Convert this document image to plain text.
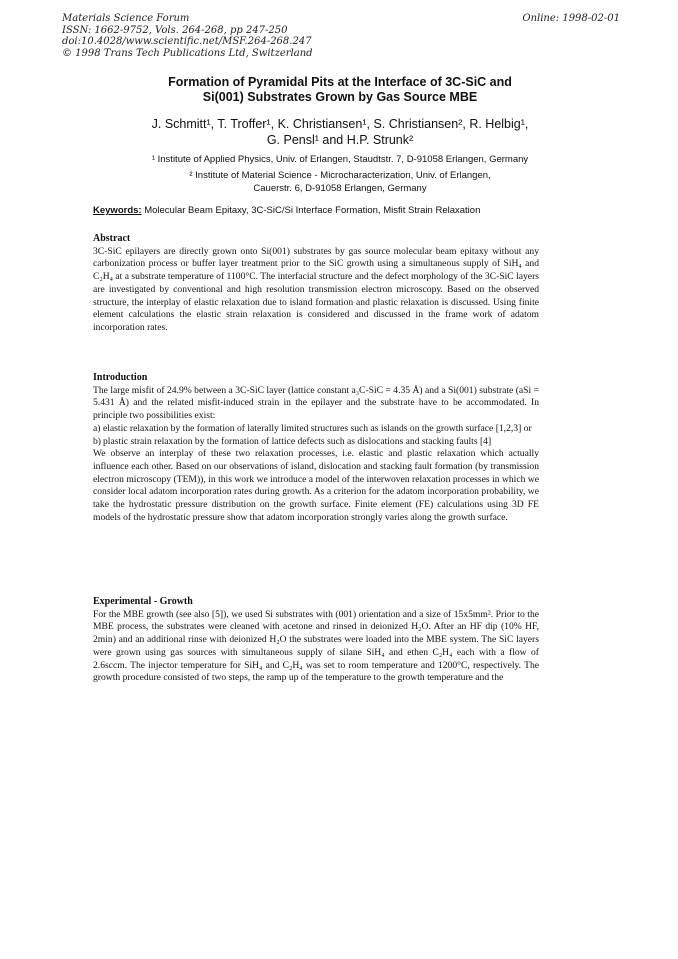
Materials Science Forum
ISSN: 1662-9752, Vols. 264-268, pp 247-250
doi:10.4028/www.scientific.net/MSF.264-268.247
© 1998 Trans Tech Publications Ltd, Switzerland
Online: 1998-02-01
Formation of Pyramidal Pits at the Interface of 3C-SiC and
Si(001) Substrates Grown by Gas Source MBE
J. Schmitt¹, T. Troffer¹, K. Christiansen¹, S. Christiansen², R. Helbig¹,
G. Pensl¹ and H.P. Strunk²
¹ Institute of Applied Physics, Univ. of Erlangen, Staudtstr. 7, D-91058 Erlangen, Germany
² Institute of Material Science - Microcharacterization, Univ. of Erlangen,
Cauerstr. 6, D-91058 Erlangen, Germany
Keywords: Molecular Beam Epitaxy, 3C-SiC/Si Interface Formation, Misfit Strain Relaxation
Abstract

3C-SiC epilayers are directly grown onto Si(001) substrates by gas source molecular beam epitaxy without any carbonization process or buffer layer treatment prior to the SiC growth using a simultaneous supply of SiH₄ and C₂H₄ at a substrate temperature of 1100°C. The interfacial structure and the defect morphology of the 3C-SiC layers are investigated by conventional and high resolution transmission electron microscopy. Based on the observed structure, the interplay of elastic relaxation due to island formation and plastic relaxation is discussed. Using finite element calculations the elastic strain relaxation is considered and discussed in the frame work of adatom incorporation rates.

Introduction

The large misfit of 24.9% between a 3C-SiC layer (lattice constant a₃C-SiC = 4.35 Å) and a Si(001) substrate (aSi = 5.431 Å) and the related misfit-induced strain in the epilayer and the substrate have to be accommodated. In principle two possibilities exist:

a) elastic relaxation by the formation of laterally limited structures such as islands on the growth surface [1,2,3] or
b) plastic strain relaxation by the formation of lattice defects such as dislocations and stacking faults [4]

We observe an interplay of these two relaxation processes, i.e. elastic and plastic relaxation which actually influence each other. Based on our observations of island, dislocation and stacking fault formation (by transmission electron microscopy (TEM)), in this work we introduce a model of the interwoven relaxation processes in which we consider local adatom incorporation rates during growth. As a criterion for the adatom incorporation probability, we take the hydrostatic pressure distribution on the growth surface. Finite element (FE) calculations using 3D FE models of the hydrostatic pressure show that adatom incorporation strongly varies along the growth surface.

Experimental - Growth

For the MBE growth (see also [5]), we used Si substrates with (001) orientation and a size of 15x5mm². Prior to the MBE process, the substrates were cleaned with acetone and rinsed in deionized H₂O. After an HF dip (10% HF, 2min) and an additional rinse with deionized H₂O the substrates were loaded into the MBE system. The SiC layers were grown using gas sources with simultaneous supply of silane SiH₄ and ethen C₂H₄ each with a flow of 2.6sccm. The injector temperature for SiH₄ and C₂H₄ was set to room temperature and 1200°C, respectively. The growth procedure consisted of two steps, the ramp up of the temperature to the growth temperature and the
